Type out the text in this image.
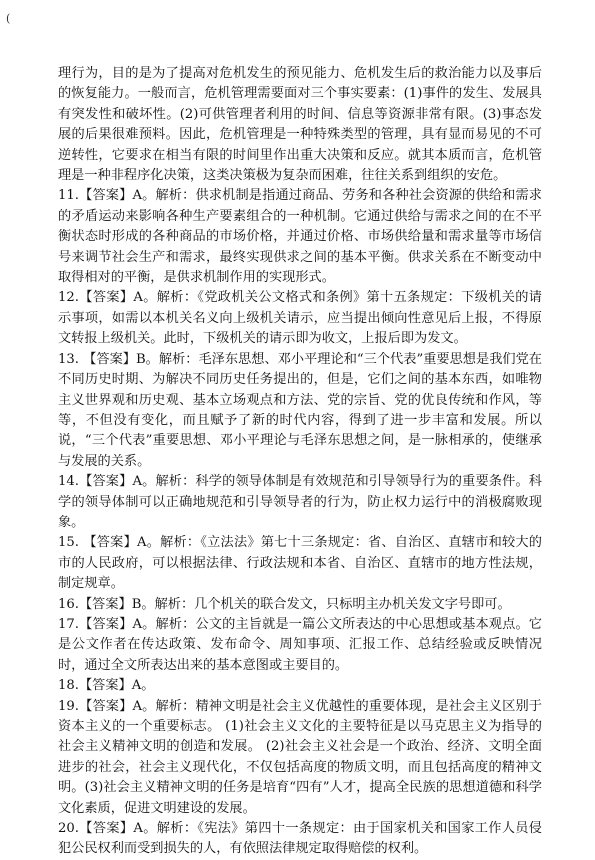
(

理行为，目的是为了提高对危机发生的预见能力、危机发生后的救治能力以及事后的恢复能力。一般而言，危机管理需要面对三个事实要素：(1)事件的发生、发展具有突发性和破坏性。(2)可供管理者利用的时间、信息等资源非常有限。(3)事态发展的后果很难预料。因此，危机管理是一种特殊类型的管理，具有显而易见的不可逆转性，它要求在相当有限的时间里作出重大决策和反应。就其本质而言，危机管理是一种非程序化决策，这类决策极为复杂而困难，往往关系到组织的安危。

11.【答案】A。解析：供求机制是指通过商品、劳务和各种社会资源的供给和需求的矛盾运动来影响各种生产要素组合的一种机制。它通过供给与需求之间的在不平衡状态时形成的各种商品的市场价格，并通过价格、市场供给量和需求量等市场信号来调节社会生产和需求，最终实现供求之间的基本平衡。供求关系在不断变动中取得相对的平衡，是供求机制作用的实现形式。

12.【答案】A。解析：《党政机关公文格式和条例》第十五条规定：下级机关的请示事项，如需以本机关名义向上级机关请示，应当提出倾向性意见后上报，不得原文转报上级机关。此时，下级机关的请示即为收文，上报后即为发文。

13. 【答案】B。解析：毛泽东思想、邓小平理论和“三个代表”重要思想是我们党在不同历史时期、为解决不同历史任务提出的，但是，它们之间的基本东西，如唯物主义世界观和历史观、基本立场观点和方法、党的宗旨、党的优良传统和作风，等等，不但没有变化，而且赋予了新的时代内容，得到了进一步丰富和发展。所以说，“三个代表”重要思想、邓小平理论与毛泽东思想之间，是一脉相承的，使继承与发展的关系。

14.【答案】A。解析：科学的领导体制是有效规范和引导领导行为的重要条件。科学的领导体制可以正确地规范和引导领导者的行为，防止权力运行中的消极腐败现象。

15. 【答案】A。解析：《立法法》第七十三条规定：省、自治区、直辖市和较大的市的人民政府，可以根据法律、行政法规和本省、自治区、直辖市的地方性法规，制定规章。

16.【答案】B。解析：几个机关的联合发文，只标明主办机关发文字号即可。

17.【答案】A。解析：公文的主旨就是一篇公文所表达的中心思想或基本观点。它是公文作者在传达政策、发布命令、周知事项、汇报工作、总结经验或反映情况时，通过全文所表达出来的基本意图或主要目的。

18.【答案】A。

19.【答案】A。解析：精神文明是社会主义优越性的重要体现，是社会主义区别于资本主义的一个重要标志。 (1)社会主义文化的主要特征是以马克思主义为指导的社会主义精神文明的创造和发展。 (2)社会主义社会是一个政治、经济、文明全面进步的社会，社会主义现代化，不仅包括高度的物质文明，而且包括高度的精神文明。(3)社会主义精神文明的任务是培育“四有”人才，提高全民族的思想道德和科学文化素质，促进文明建设的发展。

20.【答案】A。解析：《宪法》第四十一条规定：由于国家机关和国家工作人员侵犯公民权利而受到损失的人，有依照法律规定取得赔偿的权利。
